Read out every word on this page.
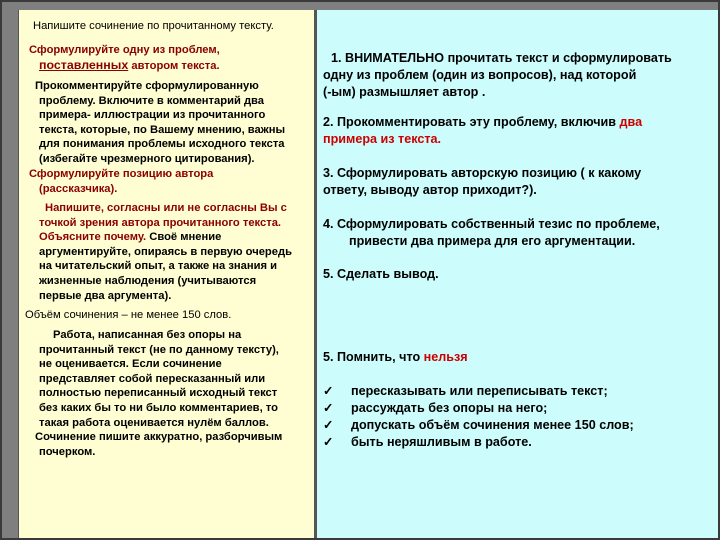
Напишите сочинение по прочитанному тексту.

Сформулируйте одну из проблем,

поставленных автором текста.

Прокомментируйте сформулированную

проблему. Включите в комментарий два

примера- иллюстрации из прочитанного

текста, которые, по Вашему мнению, важны

для понимания проблемы исходного текста

(избегайте чрезмерного цитирования).

Сформулируйте позицию автора

(рассказчика).

Напишите, согласны или не согласны Вы с

точкой зрения автора прочитанного текста.

Объясните почему. Своё мнение

аргументируйте, опираясь в первую очередь

на читательский опыт, а также на знания и

жизненные наблюдения (учитываются

первые два аргумента).

Объём сочинения – не менее 150 слов.

Работа, написанная без опоры на

прочитанный текст (не по данному тексту),

не оценивается. Если сочинение

представляет собой пересказанный или

полностью переписанный исходный текст

без каких бы то ни было комментариев, то

такая работа оценивается нулём баллов.

Сочинение пишите аккуратно, разборчивым

почерком.

1. ВНИМАТЕЛЬНО прочитать текст и сформулировать

одну из проблем (один из вопросов), над которой

(-ым) размышляет автор .

2. Прокомментировать эту проблему, включив два

примера из текста.

3. Сформулировать авторскую позицию ( к какому

ответу, выводу автор приходит?).

4. Сформулировать собственный тезис по проблеме,

привести два примера для его аргументации.

5. Сделать вывод.

5. Помнить, что нельзя

✓ пересказывать или переписывать текст;

✓ рассуждать без опоры на него;

✓ допускать объём сочинения менее 150 слов;

✓ быть неряшливым в работе.
